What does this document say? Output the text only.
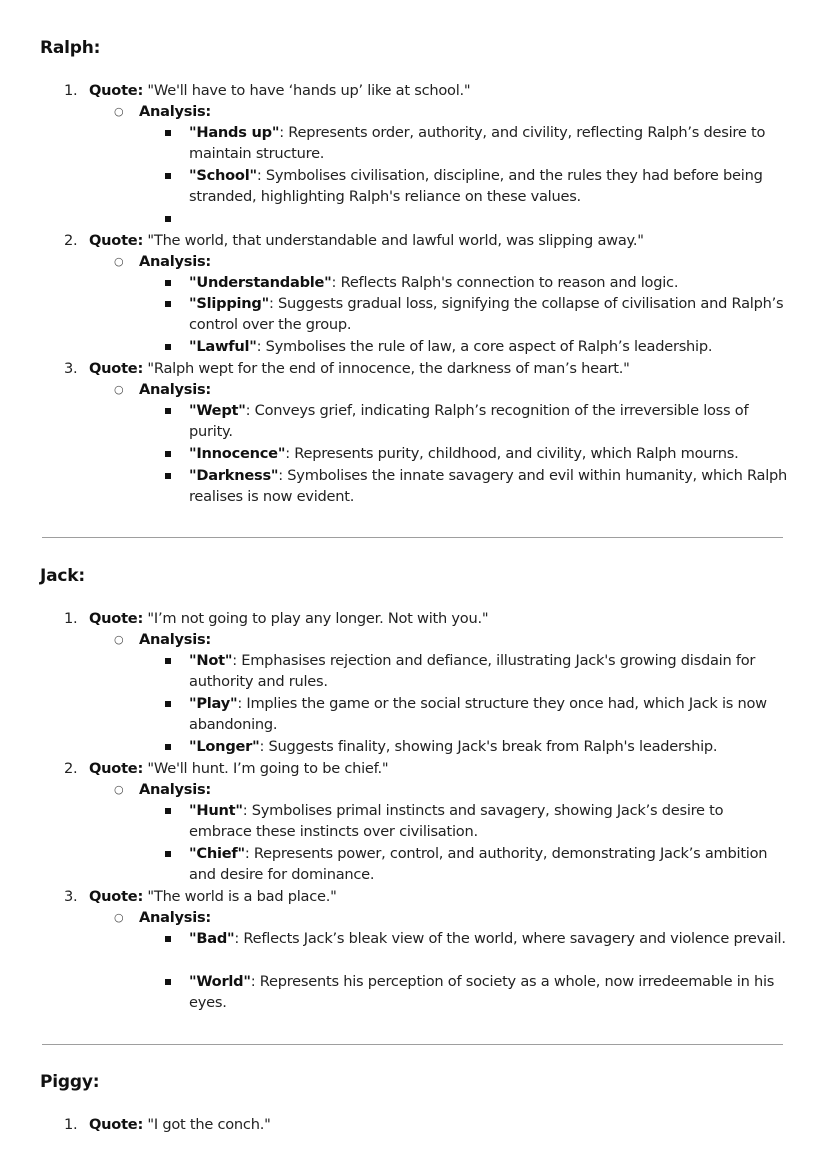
Ralph:
1. Quote: "We'll have to have ‘hands up’ like at school."
○ Analysis:
"Hands up": Represents order, authority, and civility, reflecting Ralph’s desire to maintain structure.
"School": Symbolises civilisation, discipline, and the rules they had before being stranded, highlighting Ralph's reliance on these values.
2. Quote: "The world, that understandable and lawful world, was slipping away."
○ Analysis:
"Understandable": Reflects Ralph's connection to reason and logic.
"Slipping": Suggests gradual loss, signifying the collapse of civilisation and Ralph’s control over the group.
"Lawful": Symbolises the rule of law, a core aspect of Ralph’s leadership.
3. Quote: "Ralph wept for the end of innocence, the darkness of man’s heart."
○ Analysis:
"Wept": Conveys grief, indicating Ralph’s recognition of the irreversible loss of purity.
"Innocence": Represents purity, childhood, and civility, which Ralph mourns.
"Darkness": Symbolises the innate savagery and evil within humanity, which Ralph realises is now evident.
Jack:
1. Quote: "I’m not going to play any longer. Not with you."
○ Analysis:
"Not": Emphasises rejection and defiance, illustrating Jack's growing disdain for authority and rules.
"Play": Implies the game or the social structure they once had, which Jack is now abandoning.
"Longer": Suggests finality, showing Jack's break from Ralph's leadership.
2. Quote: "We'll hunt. I’m going to be chief."
○ Analysis:
"Hunt": Symbolises primal instincts and savagery, showing Jack’s desire to embrace these instincts over civilisation.
"Chief": Represents power, control, and authority, demonstrating Jack’s ambition and desire for dominance.
3. Quote: "The world is a bad place."
○ Analysis:
"Bad": Reflects Jack’s bleak view of the world, where savagery and violence prevail.
"World": Represents his perception of society as a whole, now irredeemable in his eyes.
Piggy:
1. Quote: "I got the conch."
